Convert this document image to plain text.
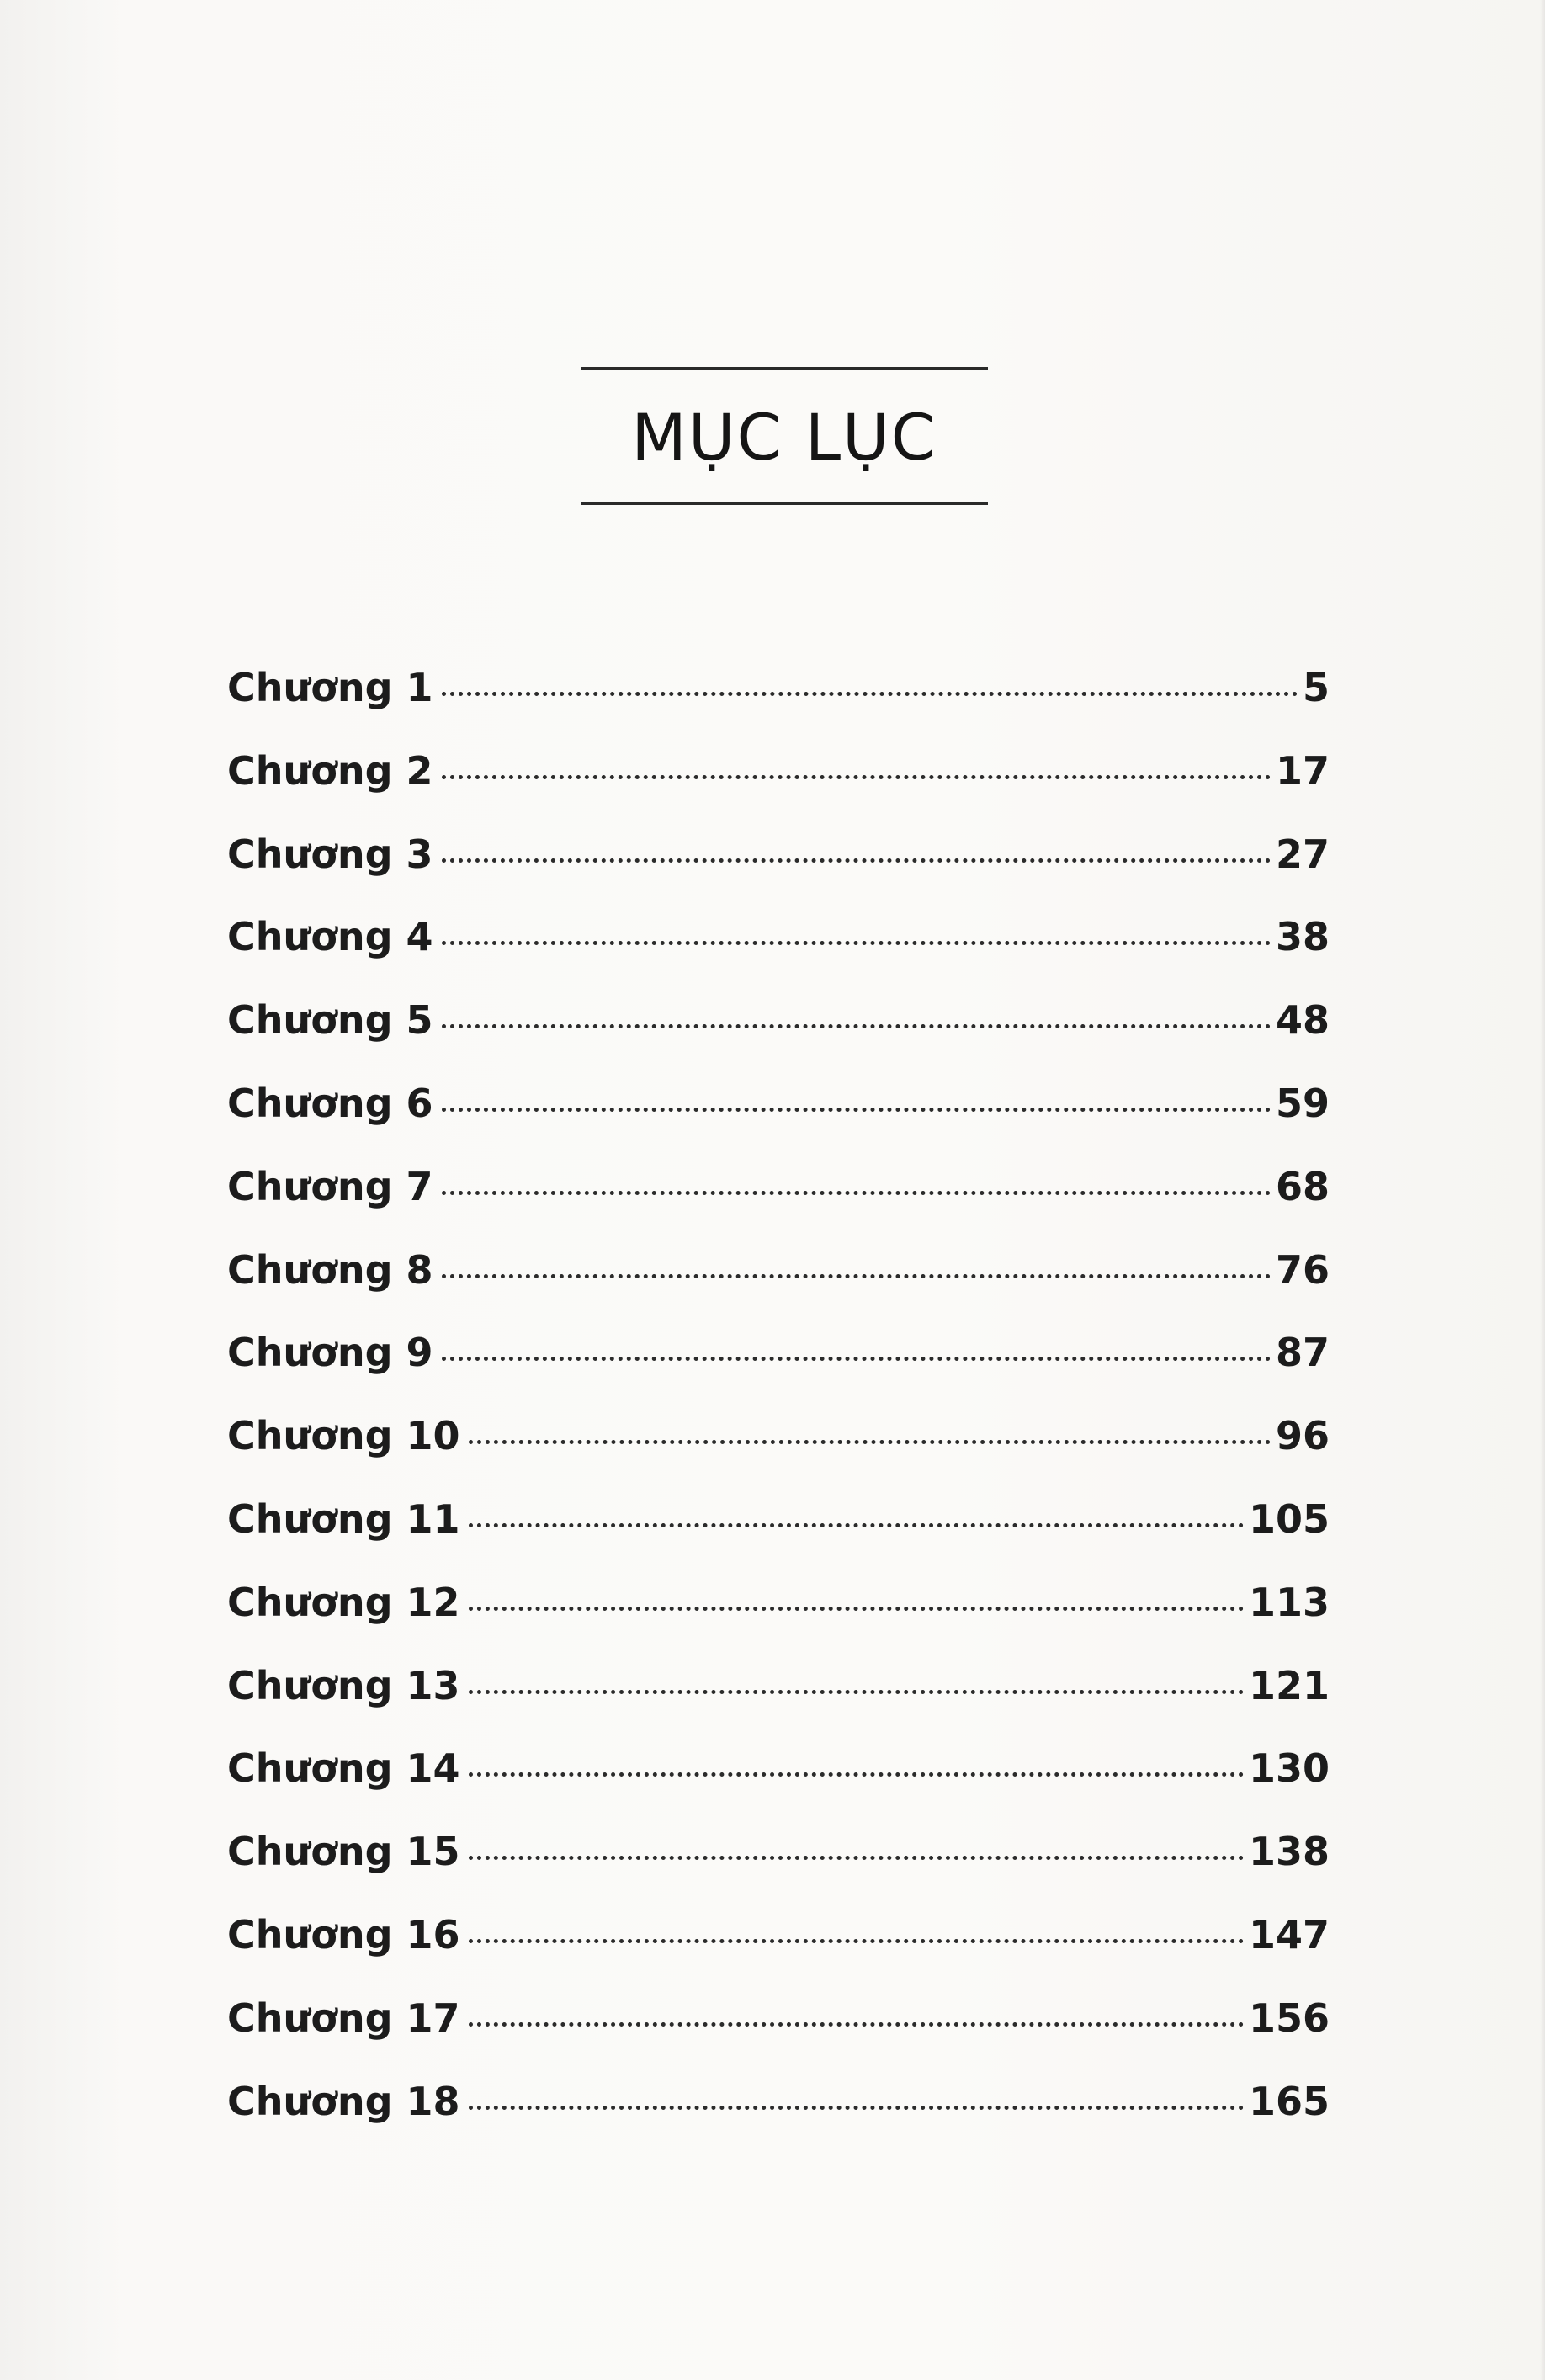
MỤC LỤC
Chương 1	5
Chương 2	17
Chương 3	27
Chương 4	38
Chương 5	48
Chương 6	59
Chương 7	68
Chương 8	76
Chương 9	87
Chương 10	96
Chương 11	105
Chương 12	113
Chương 13	121
Chương 14	130
Chương 15	138
Chương 16	147
Chương 17	156
Chương 18	165
